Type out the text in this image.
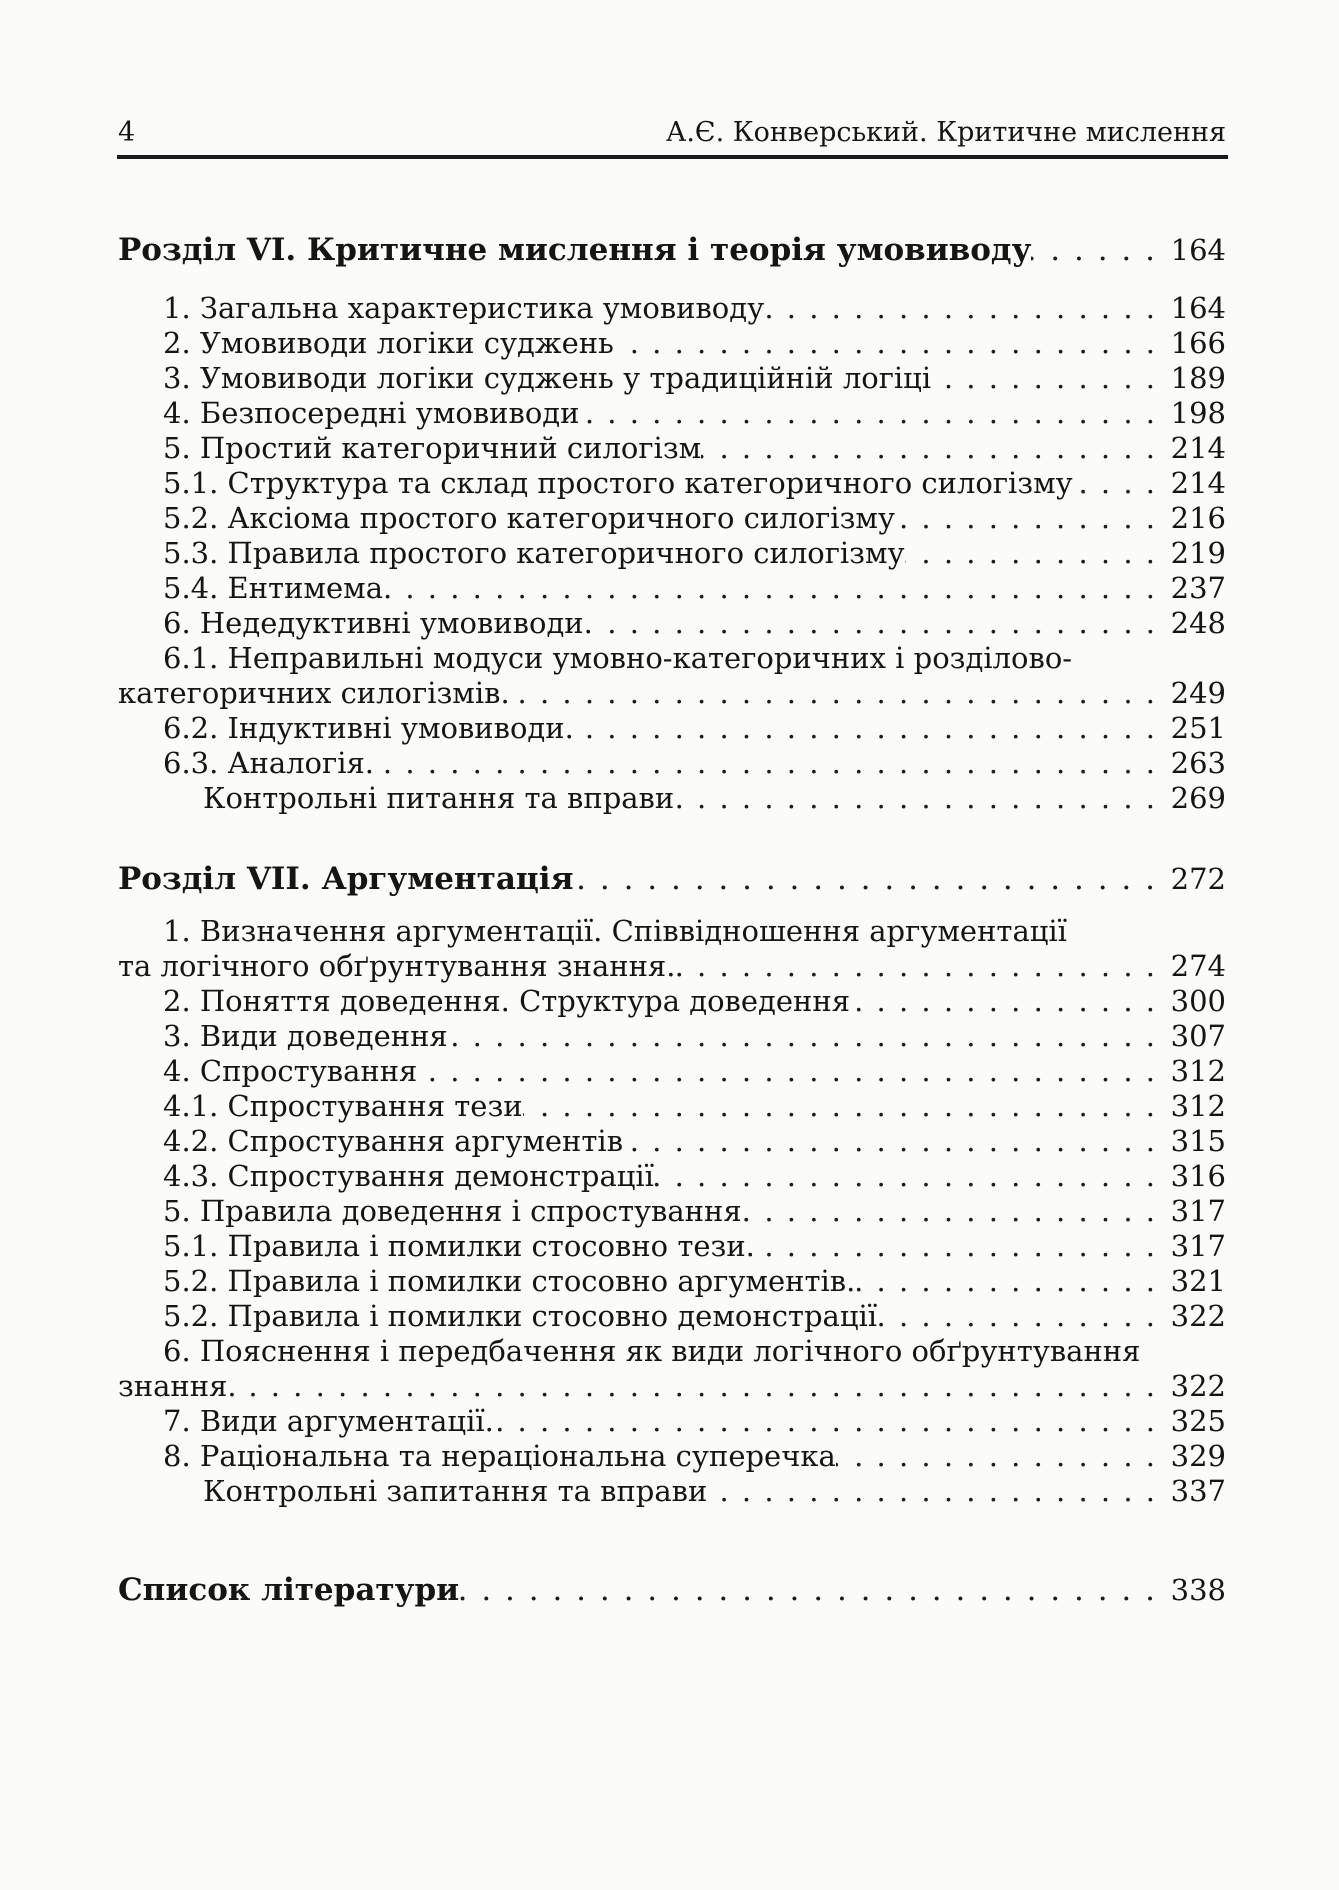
4	А.Є. Конверський. Критичне мислення
Розділ VI. Критичне мислення і теорія умовиводу . . .	164
1. Загальна характеристика умовиводу . . .	164
2. Умовиводи логіки суджень . . .	166
3. Умовиводи логіки суджень у традиційній логіці . . .	189
4. Безпосередні умовиводи . . .	198
5. Простий категоричний силогізм . . .	214
5.1. Структура та склад простого категоричного силогізму . . .	214
5.2. Аксіома простого категоричного силогізму . . .	216
5.3. Правила простого категоричного силогізму . . .	219
5.4. Ентимема. . . .	237
6. Недедуктивні умовиводи. . . .	248
6.1. Неправильні модуси умовно-категоричних і розділово-
категоричних силогізмів. . . .	249
6.2. Індуктивні умовиводи. . . .	251
6.3. Аналогія. . . .	263
Контрольні питання та вправи . . .	269
Розділ VII. Аргументація . . .	272
1. Визначення аргументації. Співвідношення аргументації
та логічного обґрунтування знання. . . .	274
2. Поняття доведення. Структура доведення . . .	300
3. Види доведення . . .	307
4. Спростування . . .	312
4.1. Спростування тези . . .	312
4.2. Спростування аргументів . . .	315
4.3. Спростування демонстрації . . .	316
5. Правила доведення і спростування. . . .	317
5.1. Правила і помилки стосовно тези. . . .	317
5.2. Правила і помилки стосовно аргументів. . . .	321
5.2. Правила і помилки стосовно демонстрації . . .	322
6. Пояснення і передбачення як види логічного обґрунтування
знання. . . .	322
7. Види аргументації. . . .	325
8. Раціональна та нераціональна суперечка . . .	329
Контрольні запитання та вправи . . .	337
Список літератури . . .	338
